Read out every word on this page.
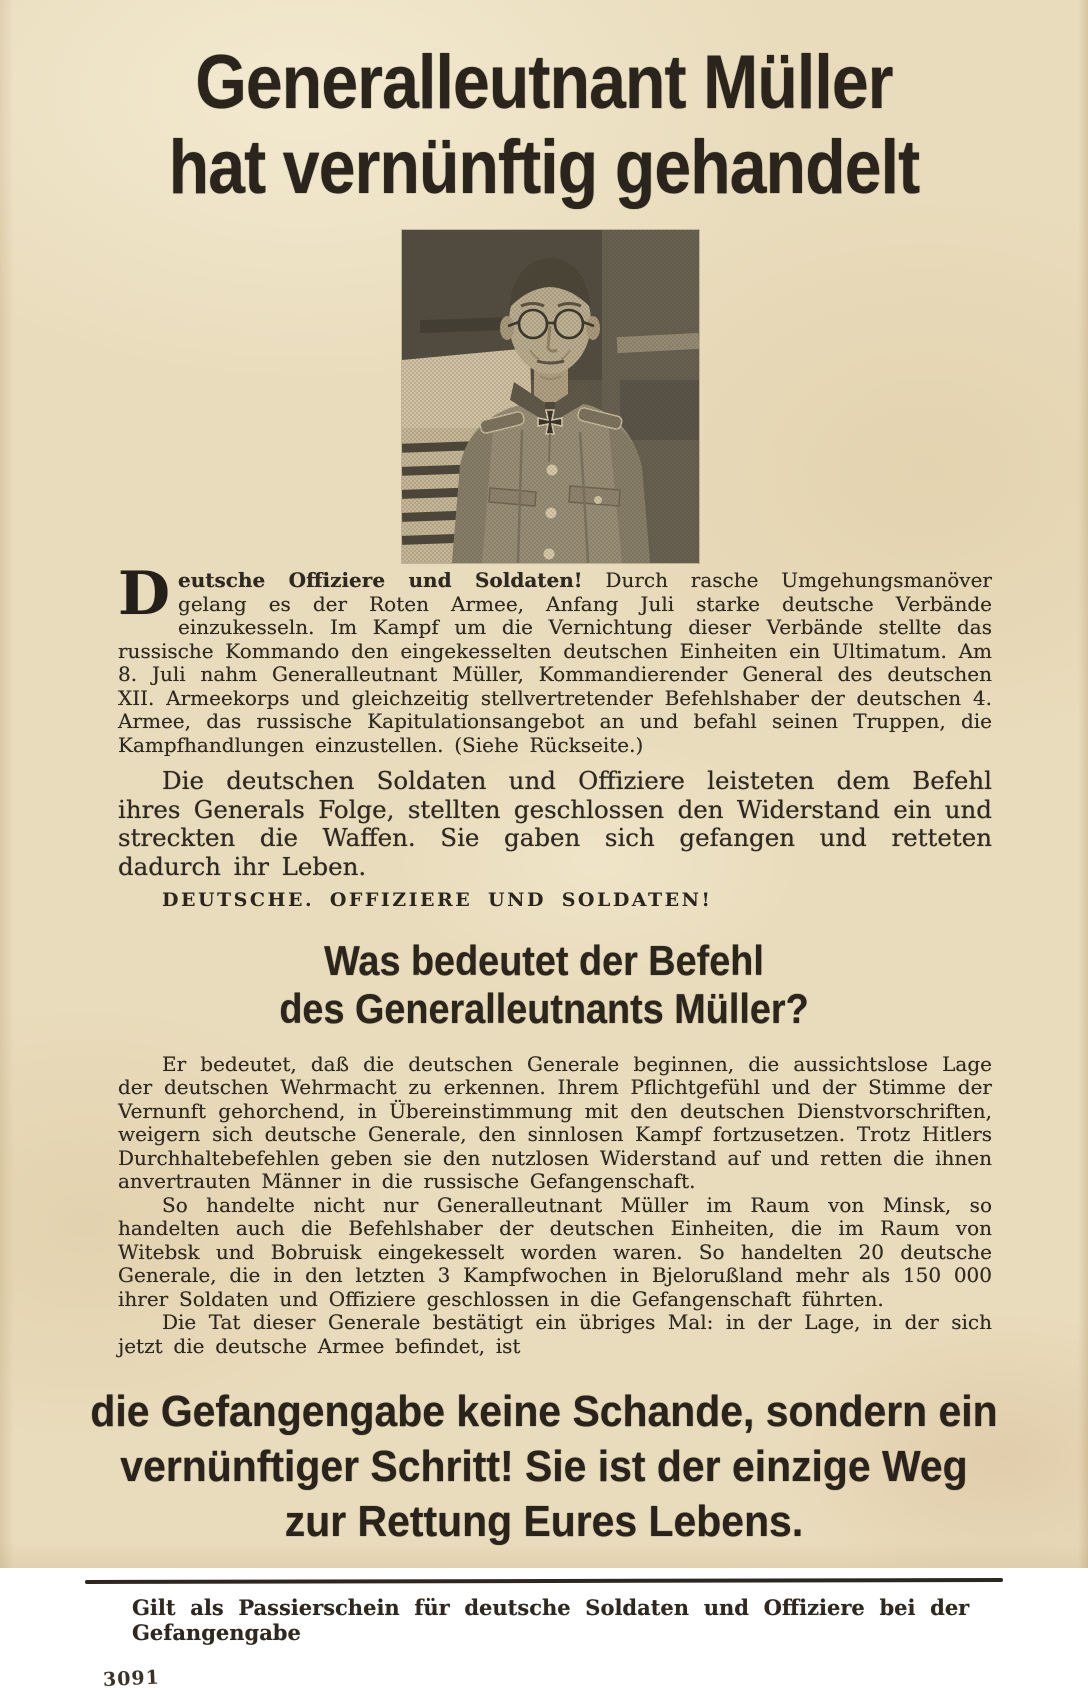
Generalleutnant Müller
hat vernünftig gehandelt

Deutsche Offiziere und Soldaten! Durch rasche Umgehungsmanöver gelang es der Roten Armee, Anfang Juli starke deutsche Verbände einzukesseln. Im Kampf um die Vernichtung dieser Verbände stellte das russische Kommando den eingekesselten deutschen Einheiten ein Ultimatum. Am 8. Juli nahm Generalleutnant Müller, Kommandierender General des deutschen XII. Armeekorps und gleichzeitig stellvertretender Befehlshaber der deutschen 4. Armee, das russische Kapitulationsangebot an und befahl seinen Truppen, die Kampfhandlungen einzustellen. (Siehe Rückseite.)

Die deutschen Soldaten und Offiziere leisteten dem Befehl ihres Generals Folge, stellten geschlossen den Widerstand ein und streckten die Waffen. Sie gaben sich gefangen und retteten dadurch ihr Leben.

DEUTSCHE. OFFIZIERE UND SOLDATEN!

Was bedeutet der Befehl
des Generalleutnants Müller?

Er bedeutet, daß die deutschen Generale beginnen, die aussichtslose Lage der deutschen Wehrmacht zu erkennen. Ihrem Pflichtgefühl und der Stimme der Vernunft gehorchend, in Übereinstimmung mit den deutschen Dienstvorschriften, weigern sich deutsche Generale, den sinnlosen Kampf fortzusetzen. Trotz Hitlers Durchhaltebefehlen geben sie den nutzlosen Widerstand auf und retten die ihnen anvertrauten Männer in die russische Gefangenschaft.

So handelte nicht nur Generalleutnant Müller im Raum von Minsk, so handelten auch die Befehlshaber der deutschen Einheiten, die im Raum von Witebsk und Bobruisk eingekesselt worden waren. So handelten 20 deutsche Generale, die in den letzten 3 Kampfwochen in Bjelorußland mehr als 150 000 ihrer Soldaten und Offiziere geschlossen in die Gefangenschaft führten.

Die Tat dieser Generale bestätigt ein übriges Mal: in der Lage, in der sich jetzt die deutsche Armee befindet, ist

die Gefangengabe keine Schande, sondern ein
vernünftiger Schritt! Sie ist der einzige Weg
zur Rettung Eures Lebens.

Gilt als Passierschein für deutsche Soldaten und Offiziere bei der Gefangengabe

3091
